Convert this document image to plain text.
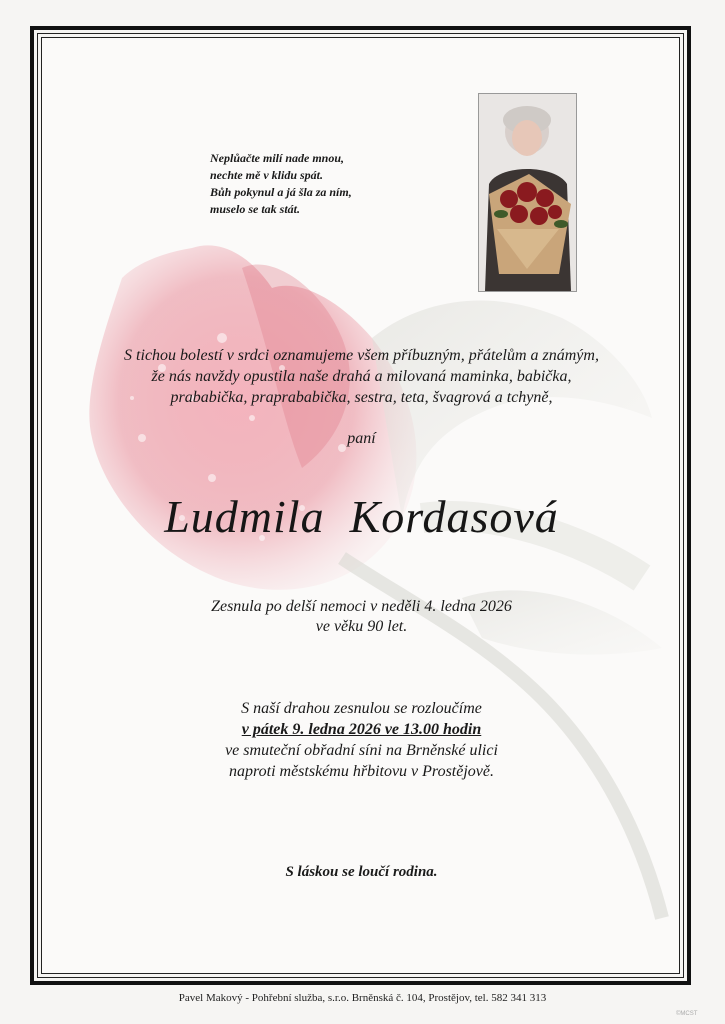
Neplůačte milí nade mnou,
nechte mě v klidu spát.
Bůh pokynul a já šla za ním,
muselo se tak stát.
S tichou bolestí v srdci oznamujeme všem příbuzným, přátelům a známým,
že nás navždy opustila naše drahá a milovaná maminka, babička,
prababička, praprababička, sestra, teta, švagrová a tchyně,
paní
Ludmila  Kordasová
Zesnula po delší nemoci v neděli 4. ledna 2026
ve věku 90 let.
S naší drahou zesnulou se rozloučíme
v pátek 9. ledna 2026 ve 13.00 hodin
ve smuteční obřadní síni na Brněnské ulici
naproti městskému hřbitovu v Prostějově.
S láskou se loučí rodina.
Pavel Makový - Pohřební služba, s.r.o. Brněnská č. 104, Prostějov, tel. 582 341 313
©MCST
